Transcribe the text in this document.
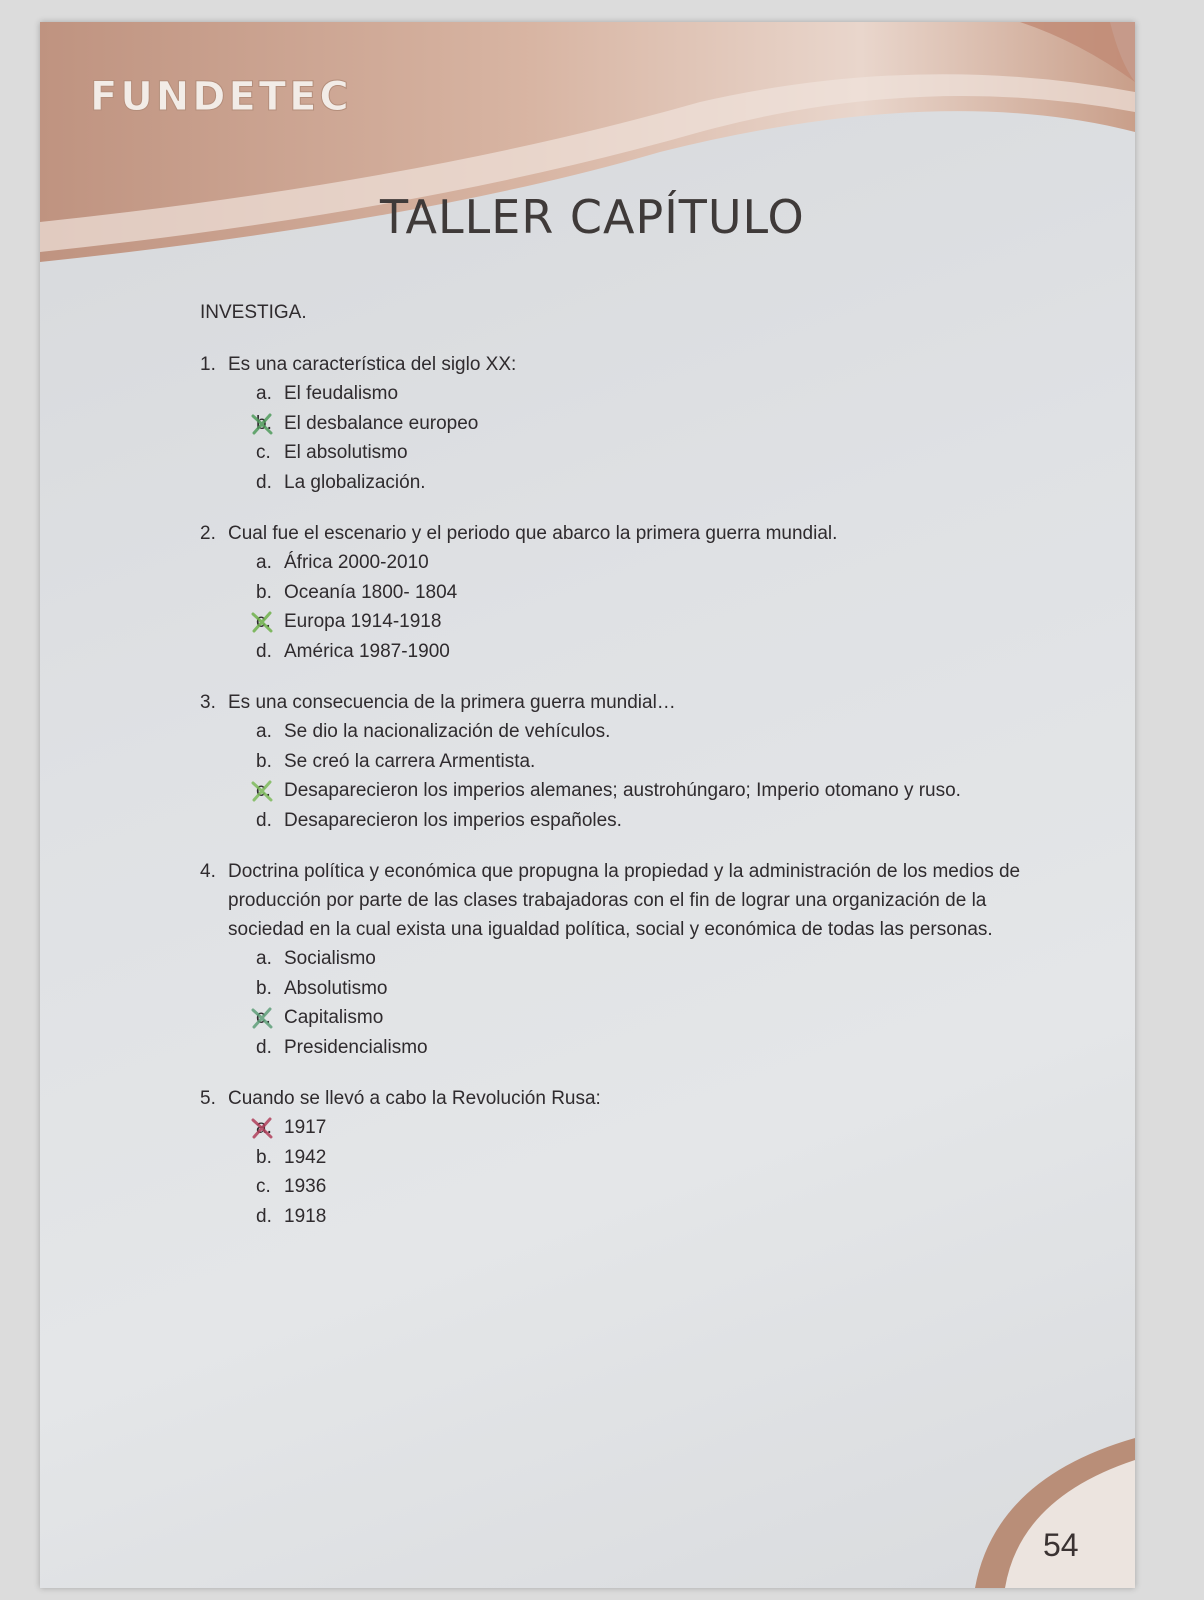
FUNDETEC
TALLER CAPÍTULO
INVESTIGA.
1. Es una característica del siglo XX:
a. El feudalismo
b. El desbalance europeo
c. El absolutismo
d. La globalización.
2. Cual fue el escenario y el periodo que abarco la primera guerra mundial.
a. África 2000-2010
b. Oceanía 1800- 1804
c. Europa 1914-1918
d. América 1987-1900
3. Es una consecuencia de la primera guerra mundial…
a. Se dio la nacionalización de vehículos.
b. Se creó la carrera Armentista.
c. Desaparecieron los imperios alemanes; austrohúngaro; Imperio otomano y ruso.
d. Desaparecieron los imperios españoles.
4. Doctrina política y económica que propugna la propiedad y la administración de los medios de producción por parte de las clases trabajadoras con el fin de lograr una organización de la sociedad en la cual exista una igualdad política, social y económica de todas las personas.
a. Socialismo
b. Absolutismo
c. Capitalismo
d. Presidencialismo
5. Cuando se llevó a cabo la Revolución Rusa:
a. 1917
b. 1942
c. 1936
d. 1918
54
